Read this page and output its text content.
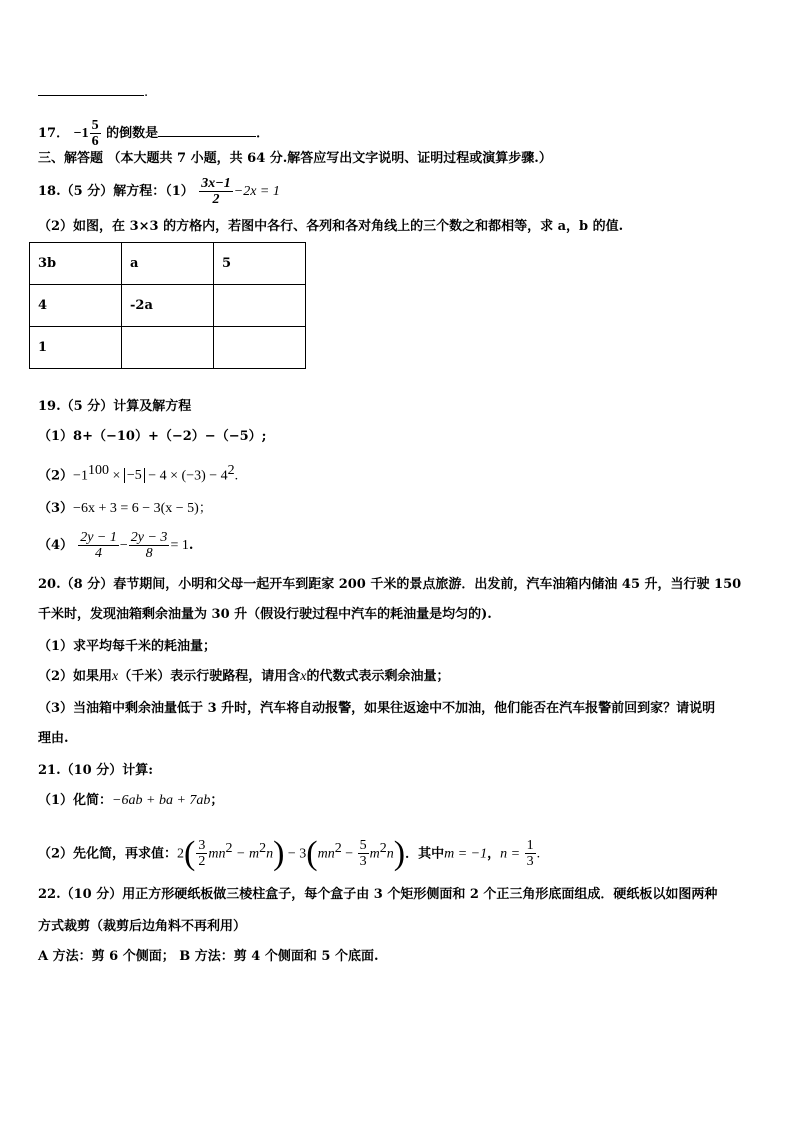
.
17． $-1 \frac{5}{6}$ 的倒数是	．
三、解答题 （本大题共 7 小题，共 64 分.解答应写出文字说明、证明过程或演算步骤.）
18.（5 分）解方程：$(1) \frac{3x-1}{2} -2x = 1$
（2）如图，在 3×3 的方格内，若图中各行、各列和各对角线上的三个数之和都相等，求 a，b 的值.
3b	a	5
4	-2a	
1		
19.（5 分）计算及解方程
（1）8+（−10）+（−2）−（−5）;
$(2)-1^{100} \times -5 - 4 \times (-3) - 4^2$.
（3）−6x + 3 = 6 − 3(x − 5)；
$(4) \frac{2y - 1}{4} - \frac{2y - 3}{8} = 1$.
20.（8 分）春节期间，小明和父母一起开车到距家 200 千米的景点旅游．出发前，汽车油箱内储油 45 升，当行驶 150
千米时，发现油箱剩余油量为 30 升（假设行驶过程中汽车的耗油量是均匀的).
（1）求平均每千米的耗油量；
（2）如果用x（千米）表示行驶路程，请用含x的代数式表示剩余油量；
（3）当油箱中剩余油量低于 3 升时，汽车将自动报警，如果往返途中不加油，他们能否在汽车报警前回到家？请说明
理由.
21.（10 分）计算:
（1）化简：−6ab + ba + 7ab；
（2）先化简，再求值：$2( \frac{3}{2} mn^2 - m^2n) - 3(mn^2 - \frac{5}{3} m^2n)$．其中m = −1，$n = \frac{1}{3}$ .
22.（10 分）用正方形硬纸板做三棱柱盒子，每个盒子由 3 个矩形侧面和 2 个正三角形底面组成．硬纸板以如图两种
方式裁剪（裁剪后边角料不再利用）
A 方法：剪 6 个侧面； B 方法：剪 4 个侧面和 5 个底面.
